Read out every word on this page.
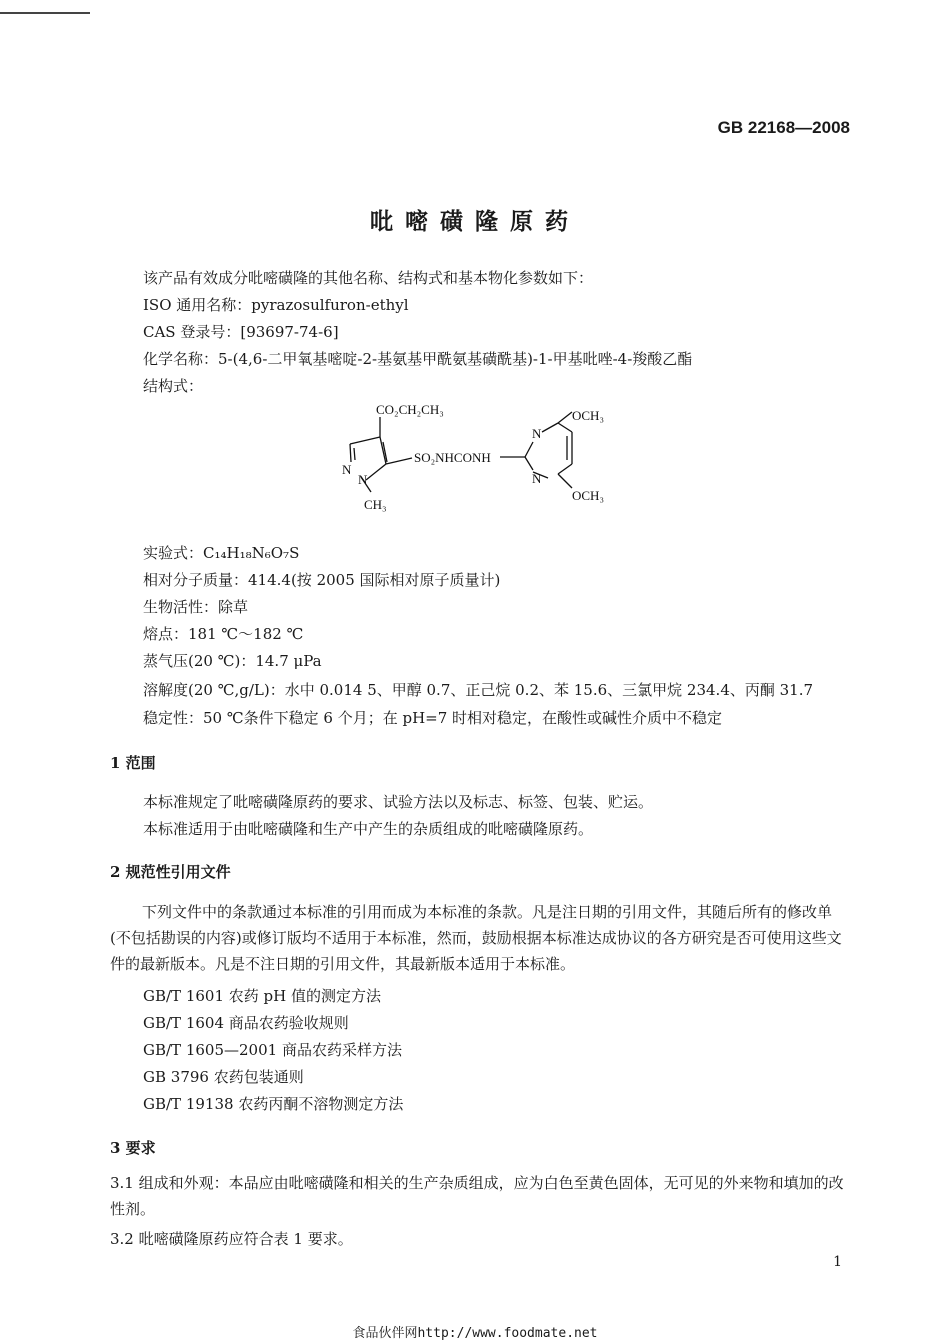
GB 22168—2008
吡嘧磺隆原药
该产品有效成分吡嘧磺隆的其他名称、结构式和基本物化参数如下：
ISO 通用名称：pyrazosulfuron-ethyl
CAS 登录号：[93697-74-6]
化学名称：5-(4,6-二甲氧基嘧啶-2-基氨基甲酰氨基磺酰基)-1-甲基吡唑-4-羧酸乙酯
结构式：
CO₂CH₂CH₃
N
N
CH₃
SO₂NHCONH
N
N
OCH₃
OCH₃
实验式：C₁₄H₁₈N₆O₇S
相对分子质量：414.4(按 2005 国际相对原子质量计)
生物活性：除草
熔点：181 ℃～182 ℃
蒸气压(20 ℃)：14.7 μPa
溶解度(20 ℃,g/L)：水中 0.014 5、甲醇 0.7、正己烷 0.2、苯 15.6、三氯甲烷 234.4、丙酮 31.7
稳定性：50 ℃条件下稳定 6 个月；在 pH=7 时相对稳定，在酸性或碱性介质中不稳定
1 范围
本标准规定了吡嘧磺隆原药的要求、试验方法以及标志、标签、包装、贮运。
本标准适用于由吡嘧磺隆和生产中产生的杂质组成的吡嘧磺隆原药。
2 规范性引用文件
下列文件中的条款通过本标准的引用而成为本标准的条款。凡是注日期的引用文件，其随后所有的修改单(不包括勘误的内容)或修订版均不适用于本标准，然而，鼓励根据本标准达成协议的各方研究是否可使用这些文件的最新版本。凡是不注日期的引用文件，其最新版本适用于本标准。
GB/T 1601 农药 pH 值的测定方法
GB/T 1604 商品农药验收规则
GB/T 1605—2001 商品农药采样方法
GB 3796 农药包装通则
GB/T 19138 农药丙酮不溶物测定方法
3 要求
3.1 组成和外观：本品应由吡嘧磺隆和相关的生产杂质组成，应为白色至黄色固体，无可见的外来物和填加的改性剂。
3.2 吡嘧磺隆原药应符合表 1 要求。
1
食品伙伴网http://www.foodmate.net
